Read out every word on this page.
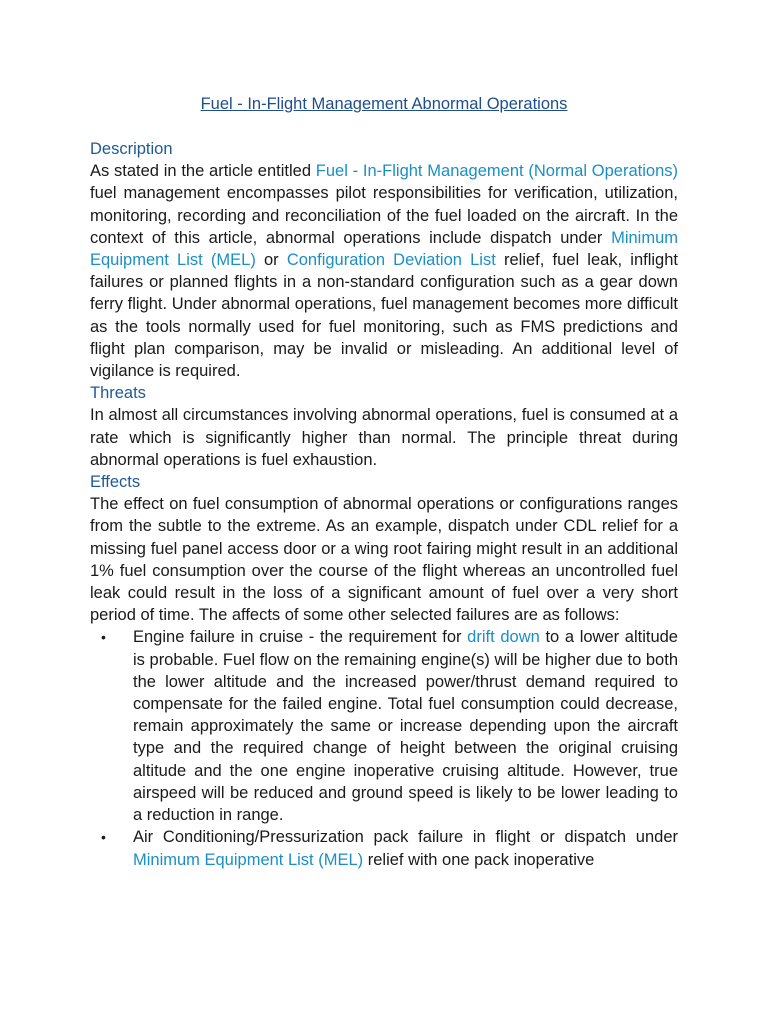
Fuel - In-Flight Management Abnormal Operations
Description

As stated in the article entitled Fuel - In-Flight Management (Normal Operations) fuel management encompasses pilot responsibilities for verification, utilization, monitoring, recording and reconciliation of the fuel loaded on the aircraft. In the context of this article, abnormal operations include dispatch under Minimum Equipment List (MEL) or Configuration Deviation List relief, fuel leak, inflight failures or planned flights in a non-standard configuration such as a gear down ferry flight. Under abnormal operations, fuel management becomes more difficult as the tools normally used for fuel monitoring, such as FMS predictions and flight plan comparison, may be invalid or misleading. An additional level of vigilance is required.

Threats

In almost all circumstances involving abnormal operations, fuel is consumed at a rate which is significantly higher than normal. The principle threat during abnormal operations is fuel exhaustion.

Effects

The effect on fuel consumption of abnormal operations or configurations ranges from the subtle to the extreme. As an example, dispatch under CDL relief for a missing fuel panel access door or a wing root fairing might result in an additional 1% fuel consumption over the course of the flight whereas an uncontrolled fuel leak could result in the loss of a significant amount of fuel over a very short period of time. The affects of some other selected failures are as follows:

• Engine failure in cruise - the requirement for drift down to a lower altitude is probable. Fuel flow on the remaining engine(s) will be higher due to both the lower altitude and the increased power/thrust demand required to compensate for the failed engine. Total fuel consumption could decrease, remain approximately the same or increase depending upon the aircraft type and the required change of height between the original cruising altitude and the one engine inoperative cruising altitude. However, true airspeed will be reduced and ground speed is likely to be lower leading to a reduction in range.
• Air Conditioning/Pressurization pack failure in flight or dispatch under Minimum Equipment List (MEL) relief with one pack inoperative
